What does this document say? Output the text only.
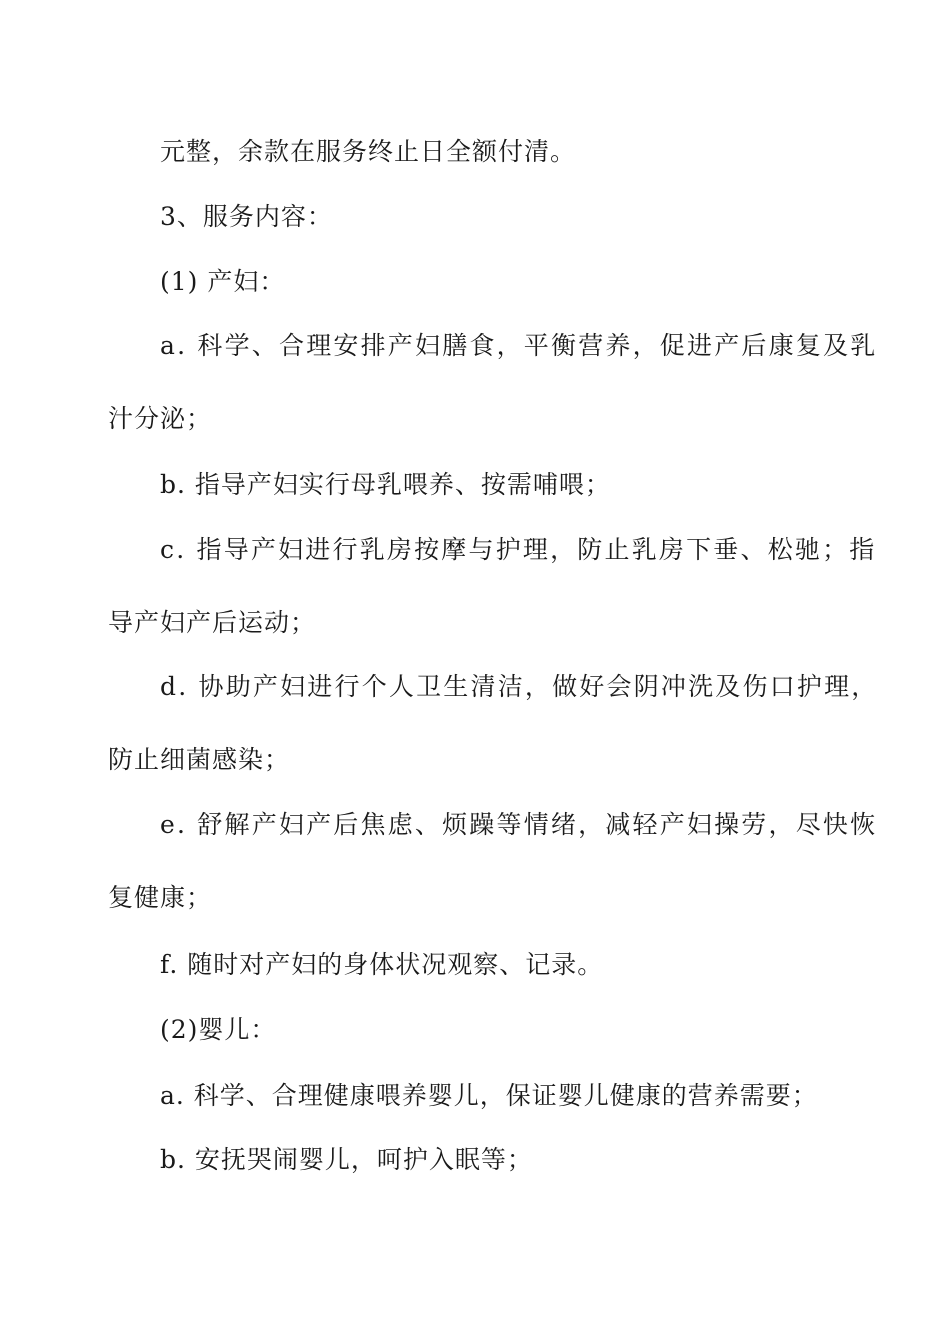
元整，余款在服务终止日全额付清。
3、服务内容：
(1) 产妇：
a. 科学、合理安排产妇膳食，平衡营养，促进产后康复及乳
汁分泌；
b. 指导产妇实行母乳喂养、按需哺喂；
c. 指导产妇进行乳房按摩与护理，防止乳房下垂、松驰；指
导产妇产后运动；
d. 协助产妇进行个人卫生清洁，做好会阴冲洗及伤口护理，
防止细菌感染；
e. 舒解产妇产后焦虑、烦躁等情绪，减轻产妇操劳，尽快恢
复健康；
f. 随时对产妇的身体状况观察、记录。
(2)婴儿：
a. 科学、合理健康喂养婴儿，保证婴儿健康的营养需要；
b. 安抚哭闹婴儿，呵护入眠等；
